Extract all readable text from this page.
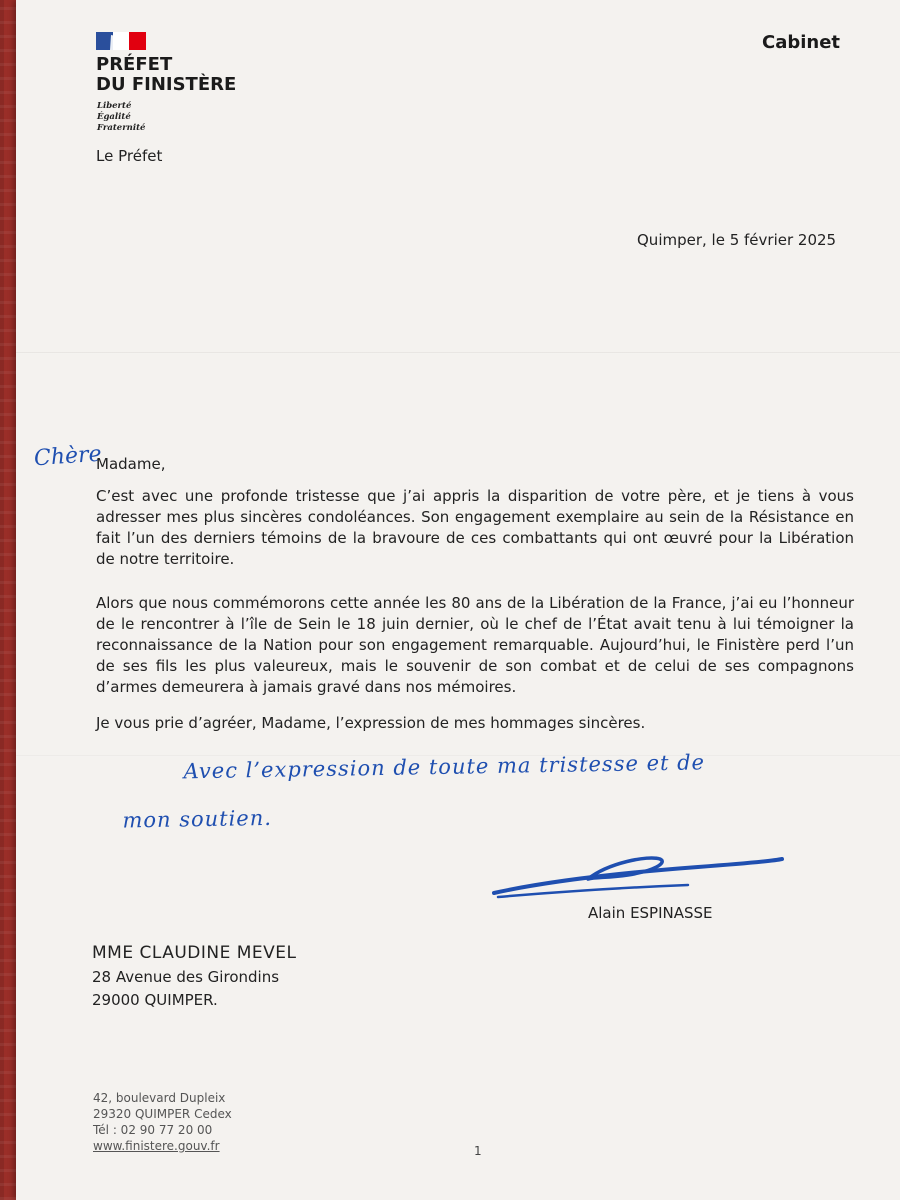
PRÉFET
DU FINISTÈRE
Liberté
Égalité
Fraternité
Le Préfet
Cabinet
Quimper, le 5 février 2025
Chère
Madame,

C’est avec une profonde tristesse que j’ai appris la disparition de votre père, et je tiens à vous adresser mes plus sincères condoléances. Son engagement exemplaire au sein de la Résistance en fait l’un des derniers témoins de la bravoure de ces combattants qui ont œuvré pour la Libération de notre territoire.

Alors que nous commémorons cette année les 80 ans de la Libération de la France, j’ai eu l’honneur de le rencontrer à l’île de Sein le 18 juin dernier, où le chef de l’État avait tenu à lui témoigner la reconnaissance de la Nation pour son engagement remarquable. Aujourd’hui, le Finistère perd l’un de ses fils les plus valeureux, mais le souvenir de son combat et de celui de ses compagnons d’armes demeurera à jamais gravé dans nos mémoires.

Je vous prie d’agréer, Madame, l’expression de mes hommages sincères.
Avec l’expression de toute ma tristesse et de
mon soutien.
Alain ESPINASSE
MME CLAUDINE MEVEL
28 Avenue des Girondins
29000 QUIMPER.
42, boulevard Dupleix
29320 QUIMPER Cedex
Tél : 02 90 77 20 00
www.finistere.gouv.fr	1
